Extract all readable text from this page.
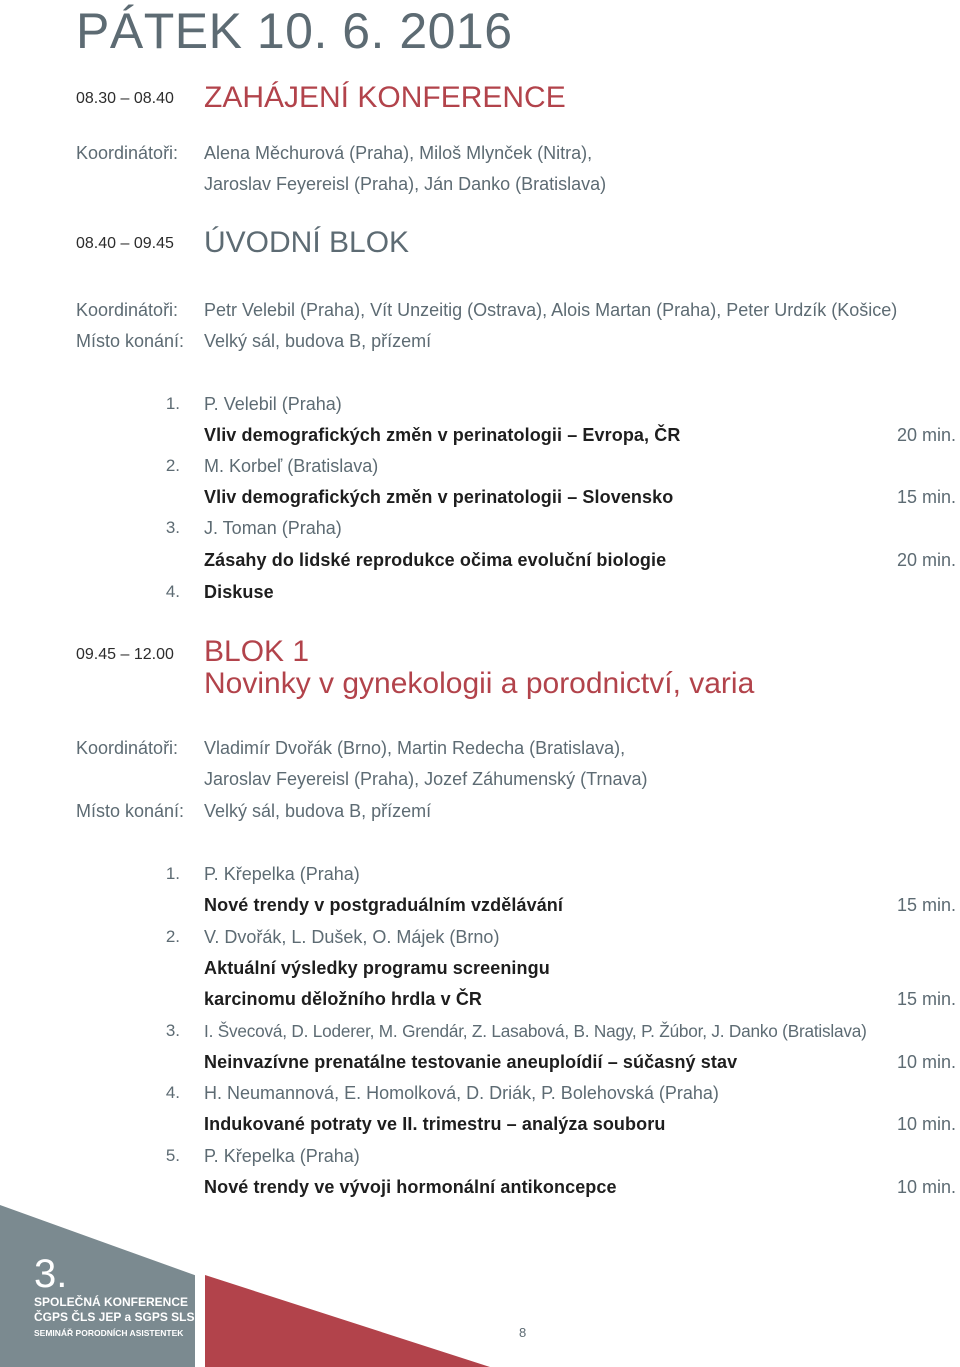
PÁTEK 10. 6. 2016
08.30 – 08.40 ZAHÁJENÍ KONFERENCE
Koordinátoři: Alena Měchurová (Praha), Miloš Mlynček (Nitra),
Jaroslav Feyereisl (Praha), Ján Danko (Bratislava)
08.40 – 09.45 ÚVODNÍ BLOK
Koordinátoři: Petr Velebil (Praha), Vít Unzeitig (Ostrava), Alois Martan (Praha), Peter Urdzík (Košice)
Místo konání: Velký sál, budova B, přízemí
1. P. Velebil (Praha)
Vliv demografických změn v perinatologii – Evropa, ČR	20 min.
2. M. Korbeľ (Bratislava)
Vliv demografických změn v perinatologii – Slovensko	15 min.
3. J. Toman (Praha)
Zásahy do lidské reprodukce očima evoluční biologie	20 min.
4. Diskuse
09.45 – 12.00 BLOK 1
Novinky v gynekologii a porodnictví, varia
Koordinátoři: Vladimír Dvořák (Brno), Martin Redecha (Bratislava),
Jaroslav Feyereisl (Praha), Jozef Záhumenský (Trnava)
Místo konání: Velký sál, budova B, přízemí
1. P. Křepelka (Praha)
Nové trendy v postgraduálním vzdělávání	15 min.
2. V. Dvořák, L. Dušek, O. Májek (Brno)
Aktuální výsledky programu screeningu
karcinomu děložního hrdla v ČR	15 min.
3. I. Švecová, D. Loderer, M. Grendár, Z. Lasabová, B. Nagy, P. Žúbor, J. Danko (Bratislava)
Neinvazívne prenatálne testovanie aneuploídií – súčasný stav	10 min.
4. H. Neumannová, E. Homolková, D. Driák, P. Bolehovská (Praha)
Indukované potraty ve II. trimestru – analýza souboru	10 min.
5. P. Křepelka (Praha)
Nové trendy ve vývoji hormonální antikoncepce	10 min.
3.
SPOLEČNÁ KONFERENCE
ČGPS ČLS JEP a SGPS SLS
SEMINÁŘ PORODNÍCH ASISTENTEK	8
